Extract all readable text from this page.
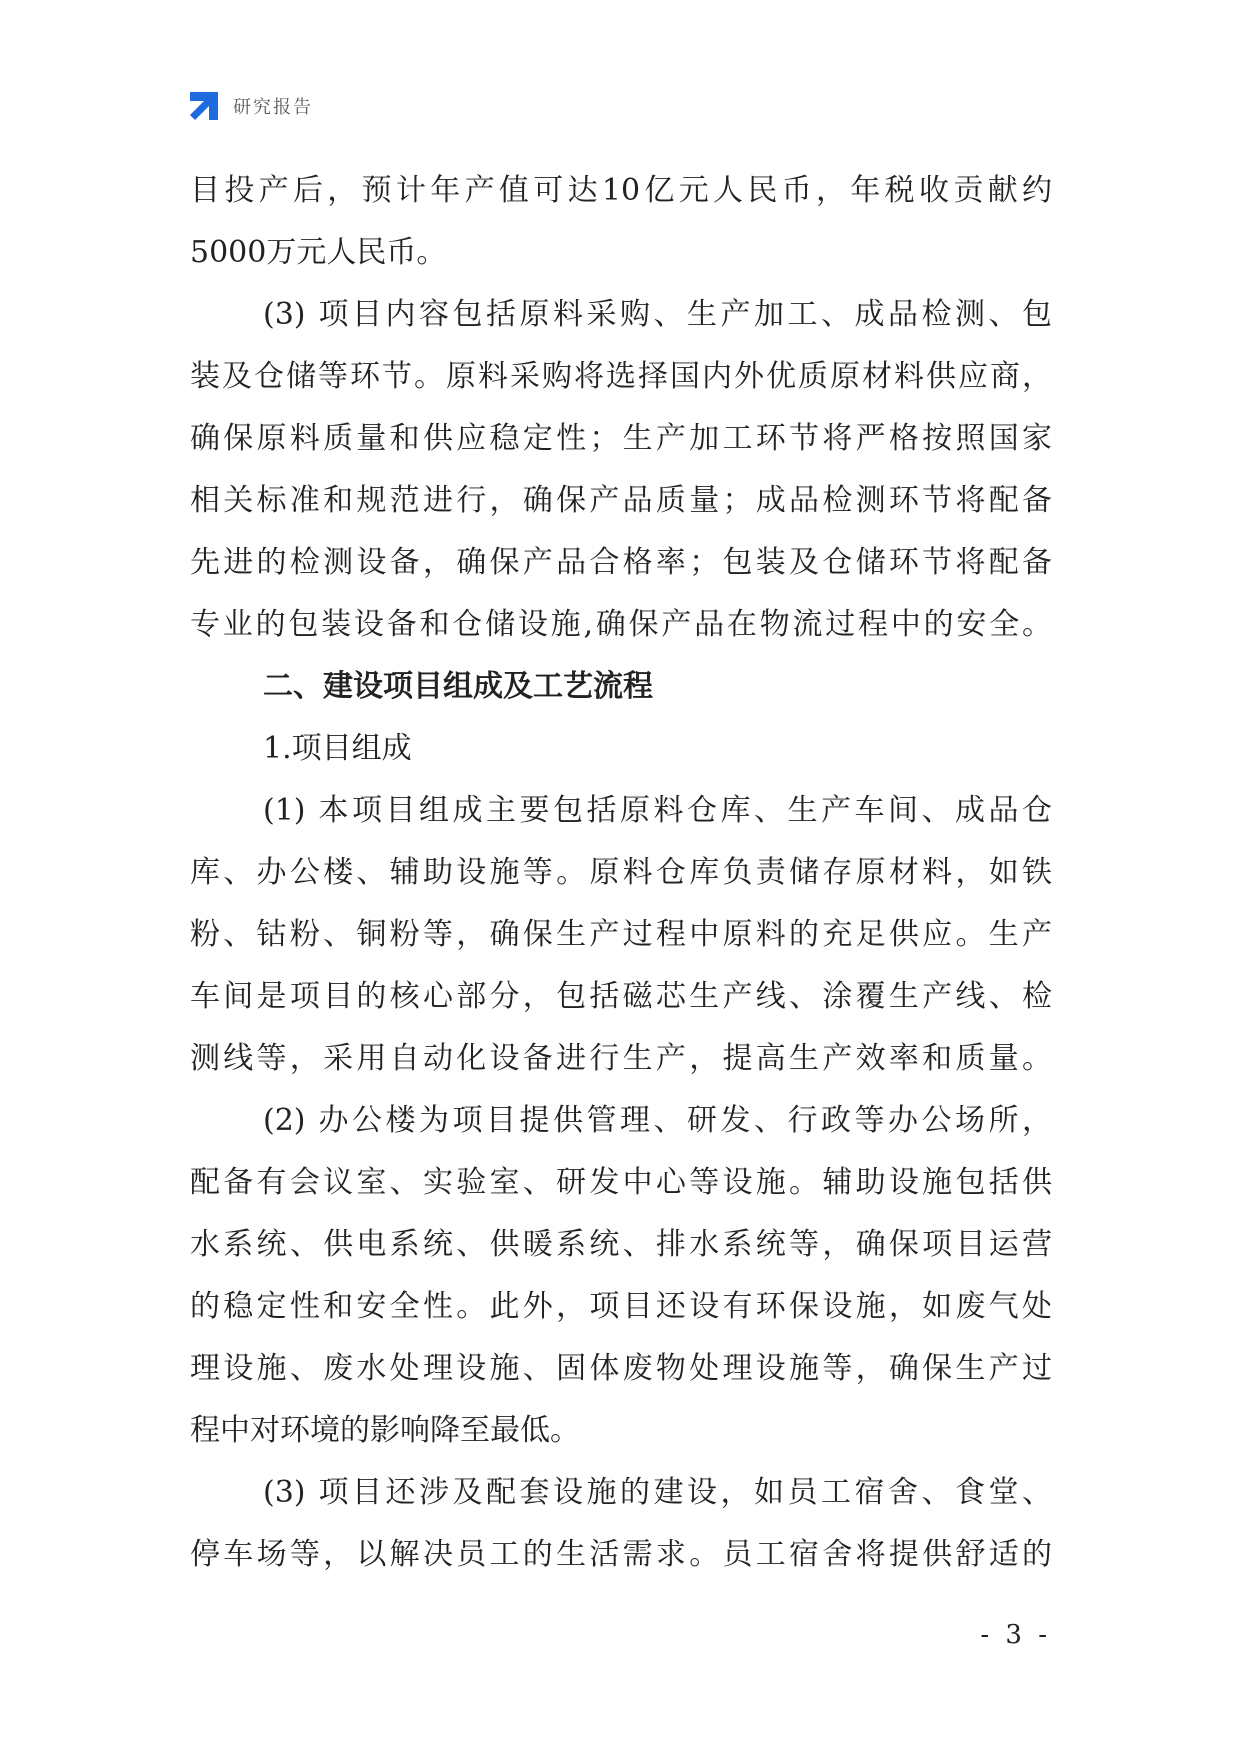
研究报告
目投产后，预计年产值可达10亿元人民币，年税收贡献约
5000万元人民币。
(3) 项目内容包括原料采购、生产加工、成品检测、包
装及仓储等环节。原料采购将选择国内外优质原材料供应商，
确保原料质量和供应稳定性；生产加工环节将严格按照国家
相关标准和规范进行，确保产品质量；成品检测环节将配备
先进的检测设备，确保产品合格率；包装及仓储环节将配备
专业的包装设备和仓储设施,确保产品在物流过程中的安全。
二、建设项目组成及工艺流程
1.项目组成
(1) 本项目组成主要包括原料仓库、生产车间、成品仓
库、办公楼、辅助设施等。原料仓库负责储存原材料，如铁
粉、钴粉、铜粉等，确保生产过程中原料的充足供应。生产
车间是项目的核心部分，包括磁芯生产线、涂覆生产线、检
测线等，采用自动化设备进行生产，提高生产效率和质量。
(2) 办公楼为项目提供管理、研发、行政等办公场所，
配备有会议室、实验室、研发中心等设施。辅助设施包括供
水系统、供电系统、供暖系统、排水系统等，确保项目运营
的稳定性和安全性。此外，项目还设有环保设施，如废气处
理设施、废水处理设施、固体废物处理设施等，确保生产过
程中对环境的影响降至最低。
(3) 项目还涉及配套设施的建设，如员工宿舍、食堂、
停车场等，以解决员工的生活需求。员工宿舍将提供舒适的
- 3 -
